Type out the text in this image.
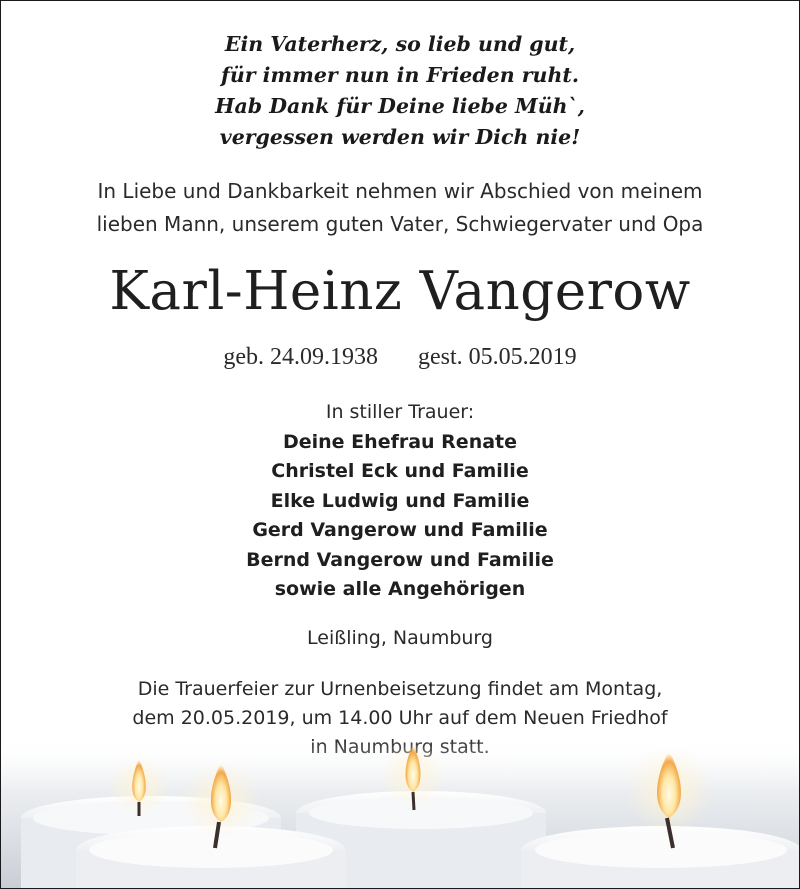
Ein Vaterherz, so lieb und gut,
für immer nun in Frieden ruht.
Hab Dank für Deine liebe Müh`,
vergessen werden wir Dich nie!
In Liebe und Dankbarkeit nehmen wir Abschied von meinem
lieben Mann, unserem guten Vater, Schwiegervater und Opa
Karl-Heinz Vangerow
geb. 24.09.1938 gest. 05.05.2019
In stiller Trauer:
Deine Ehefrau Renate
Christel Eck und Familie
Elke Ludwig und Familie
Gerd Vangerow und Familie
Bernd Vangerow und Familie
sowie alle Angehörigen
Leißling, Naumburg
Die Trauerfeier zur Urnenbeisetzung findet am Montag,
dem 20.05.2019, um 14.00 Uhr auf dem Neuen Friedhof
